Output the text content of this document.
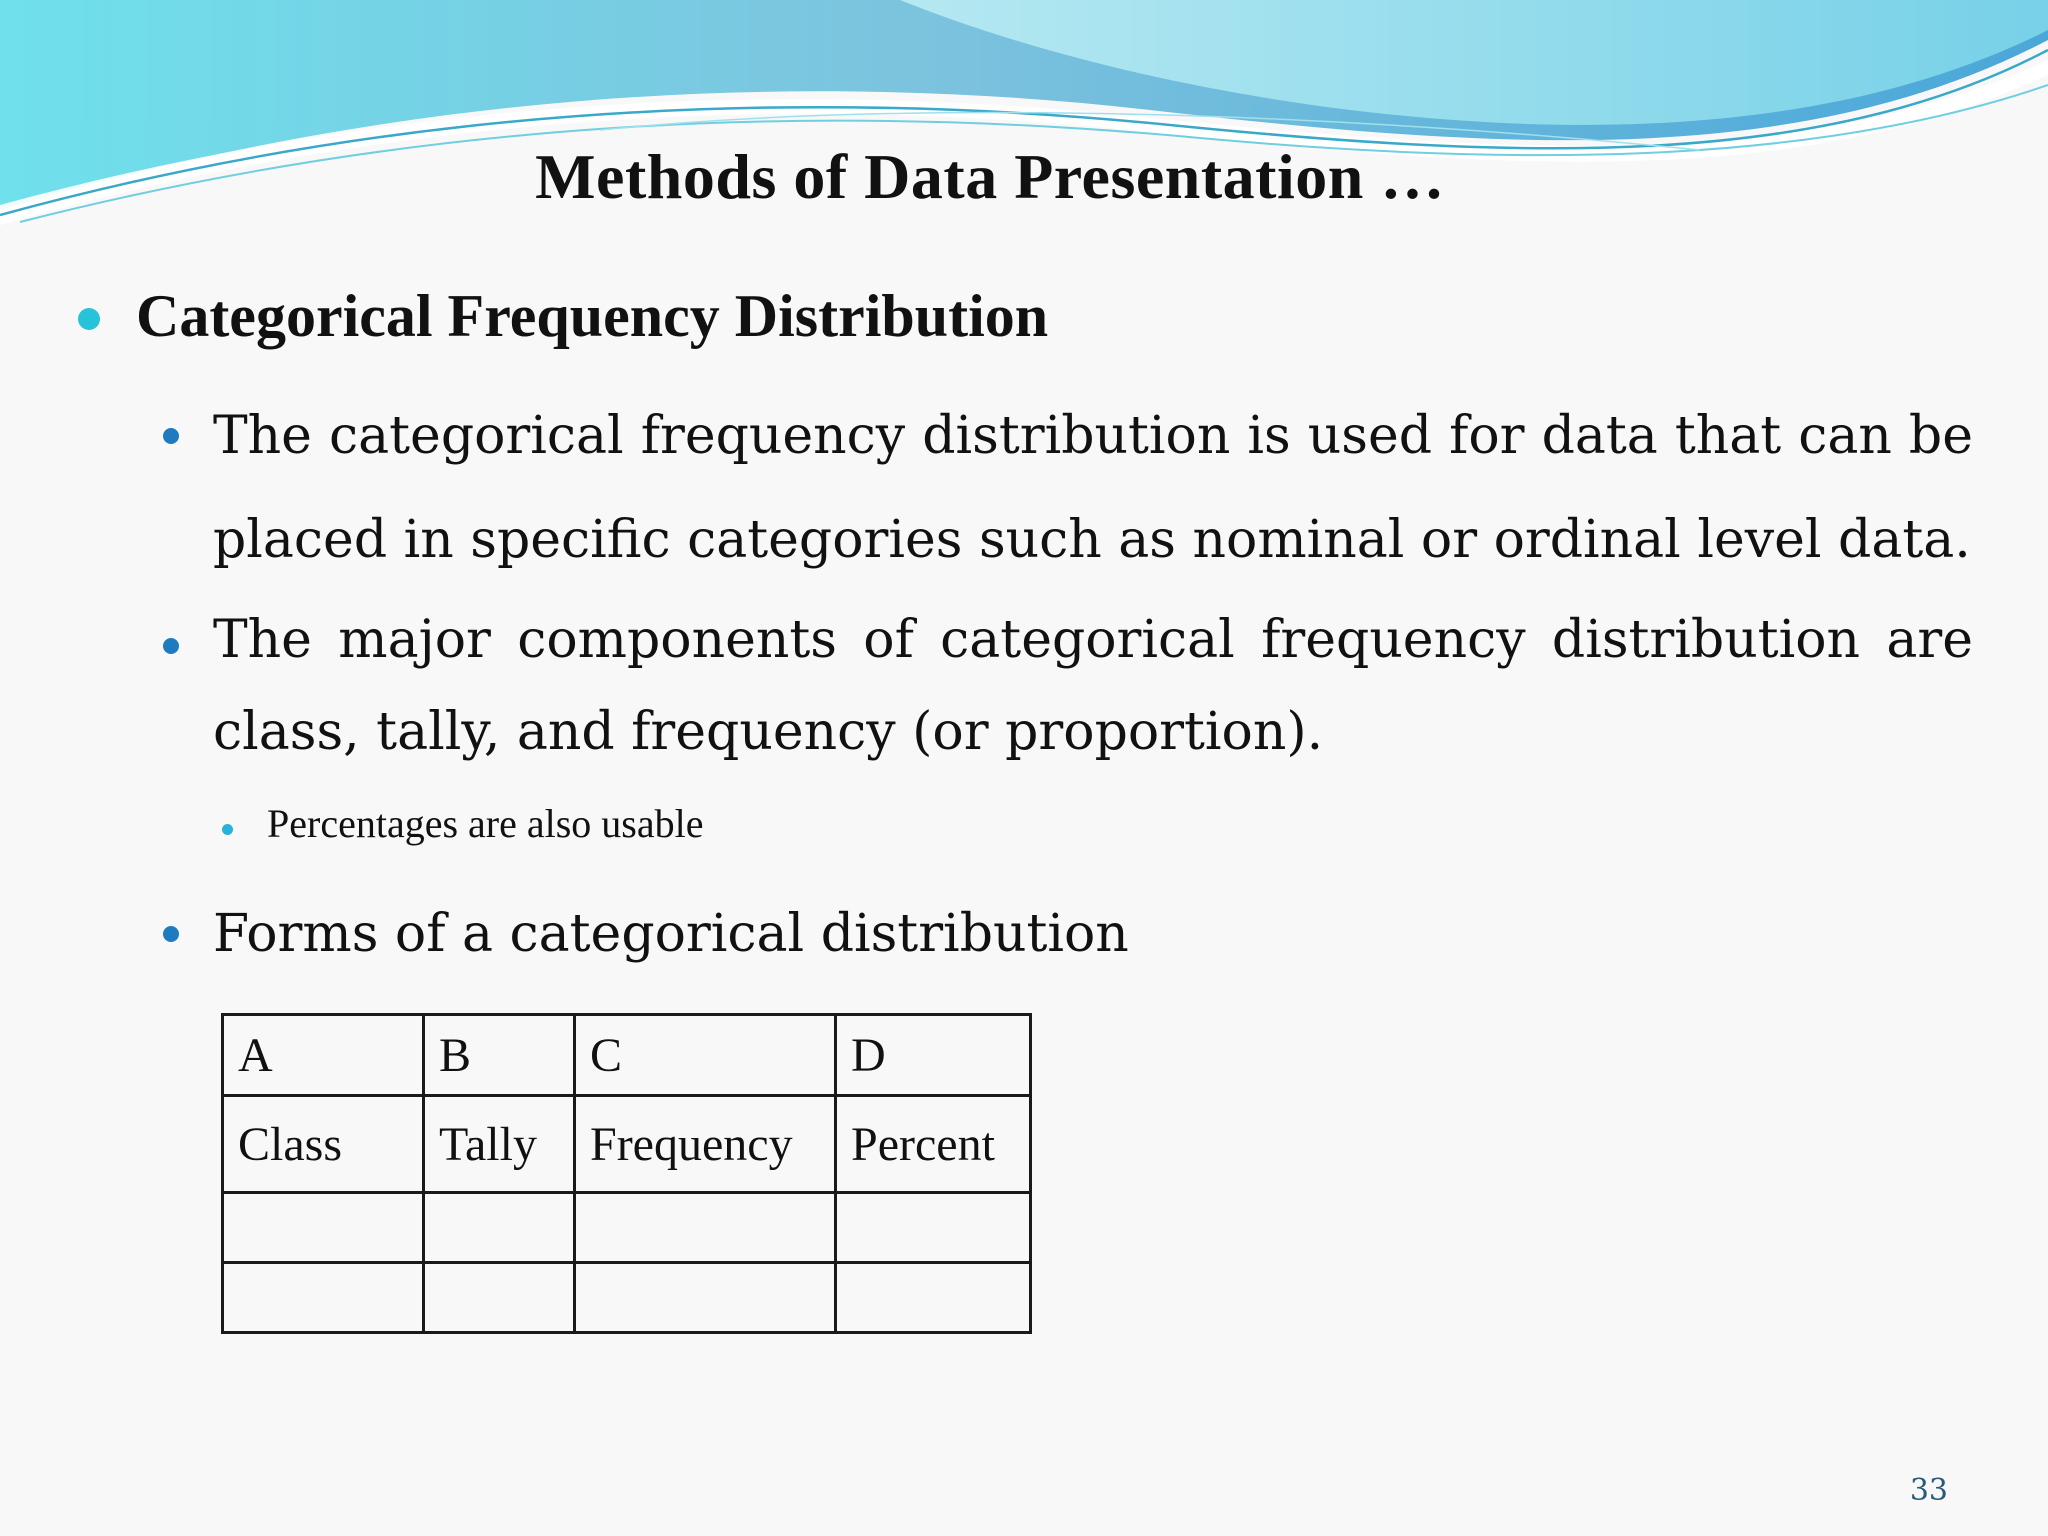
Methods of Data Presentation …
Categorical Frequency Distribution
The categorical frequency distribution is used for data that can be placed in specific categories such as nominal or ordinal level data.
The major components of categorical frequency distribution are class, tally, and frequency (or proportion).
Percentages are also usable
Forms of a categorical distribution
A	B	C	D
Class	Tally	Frequency	Percent

33
